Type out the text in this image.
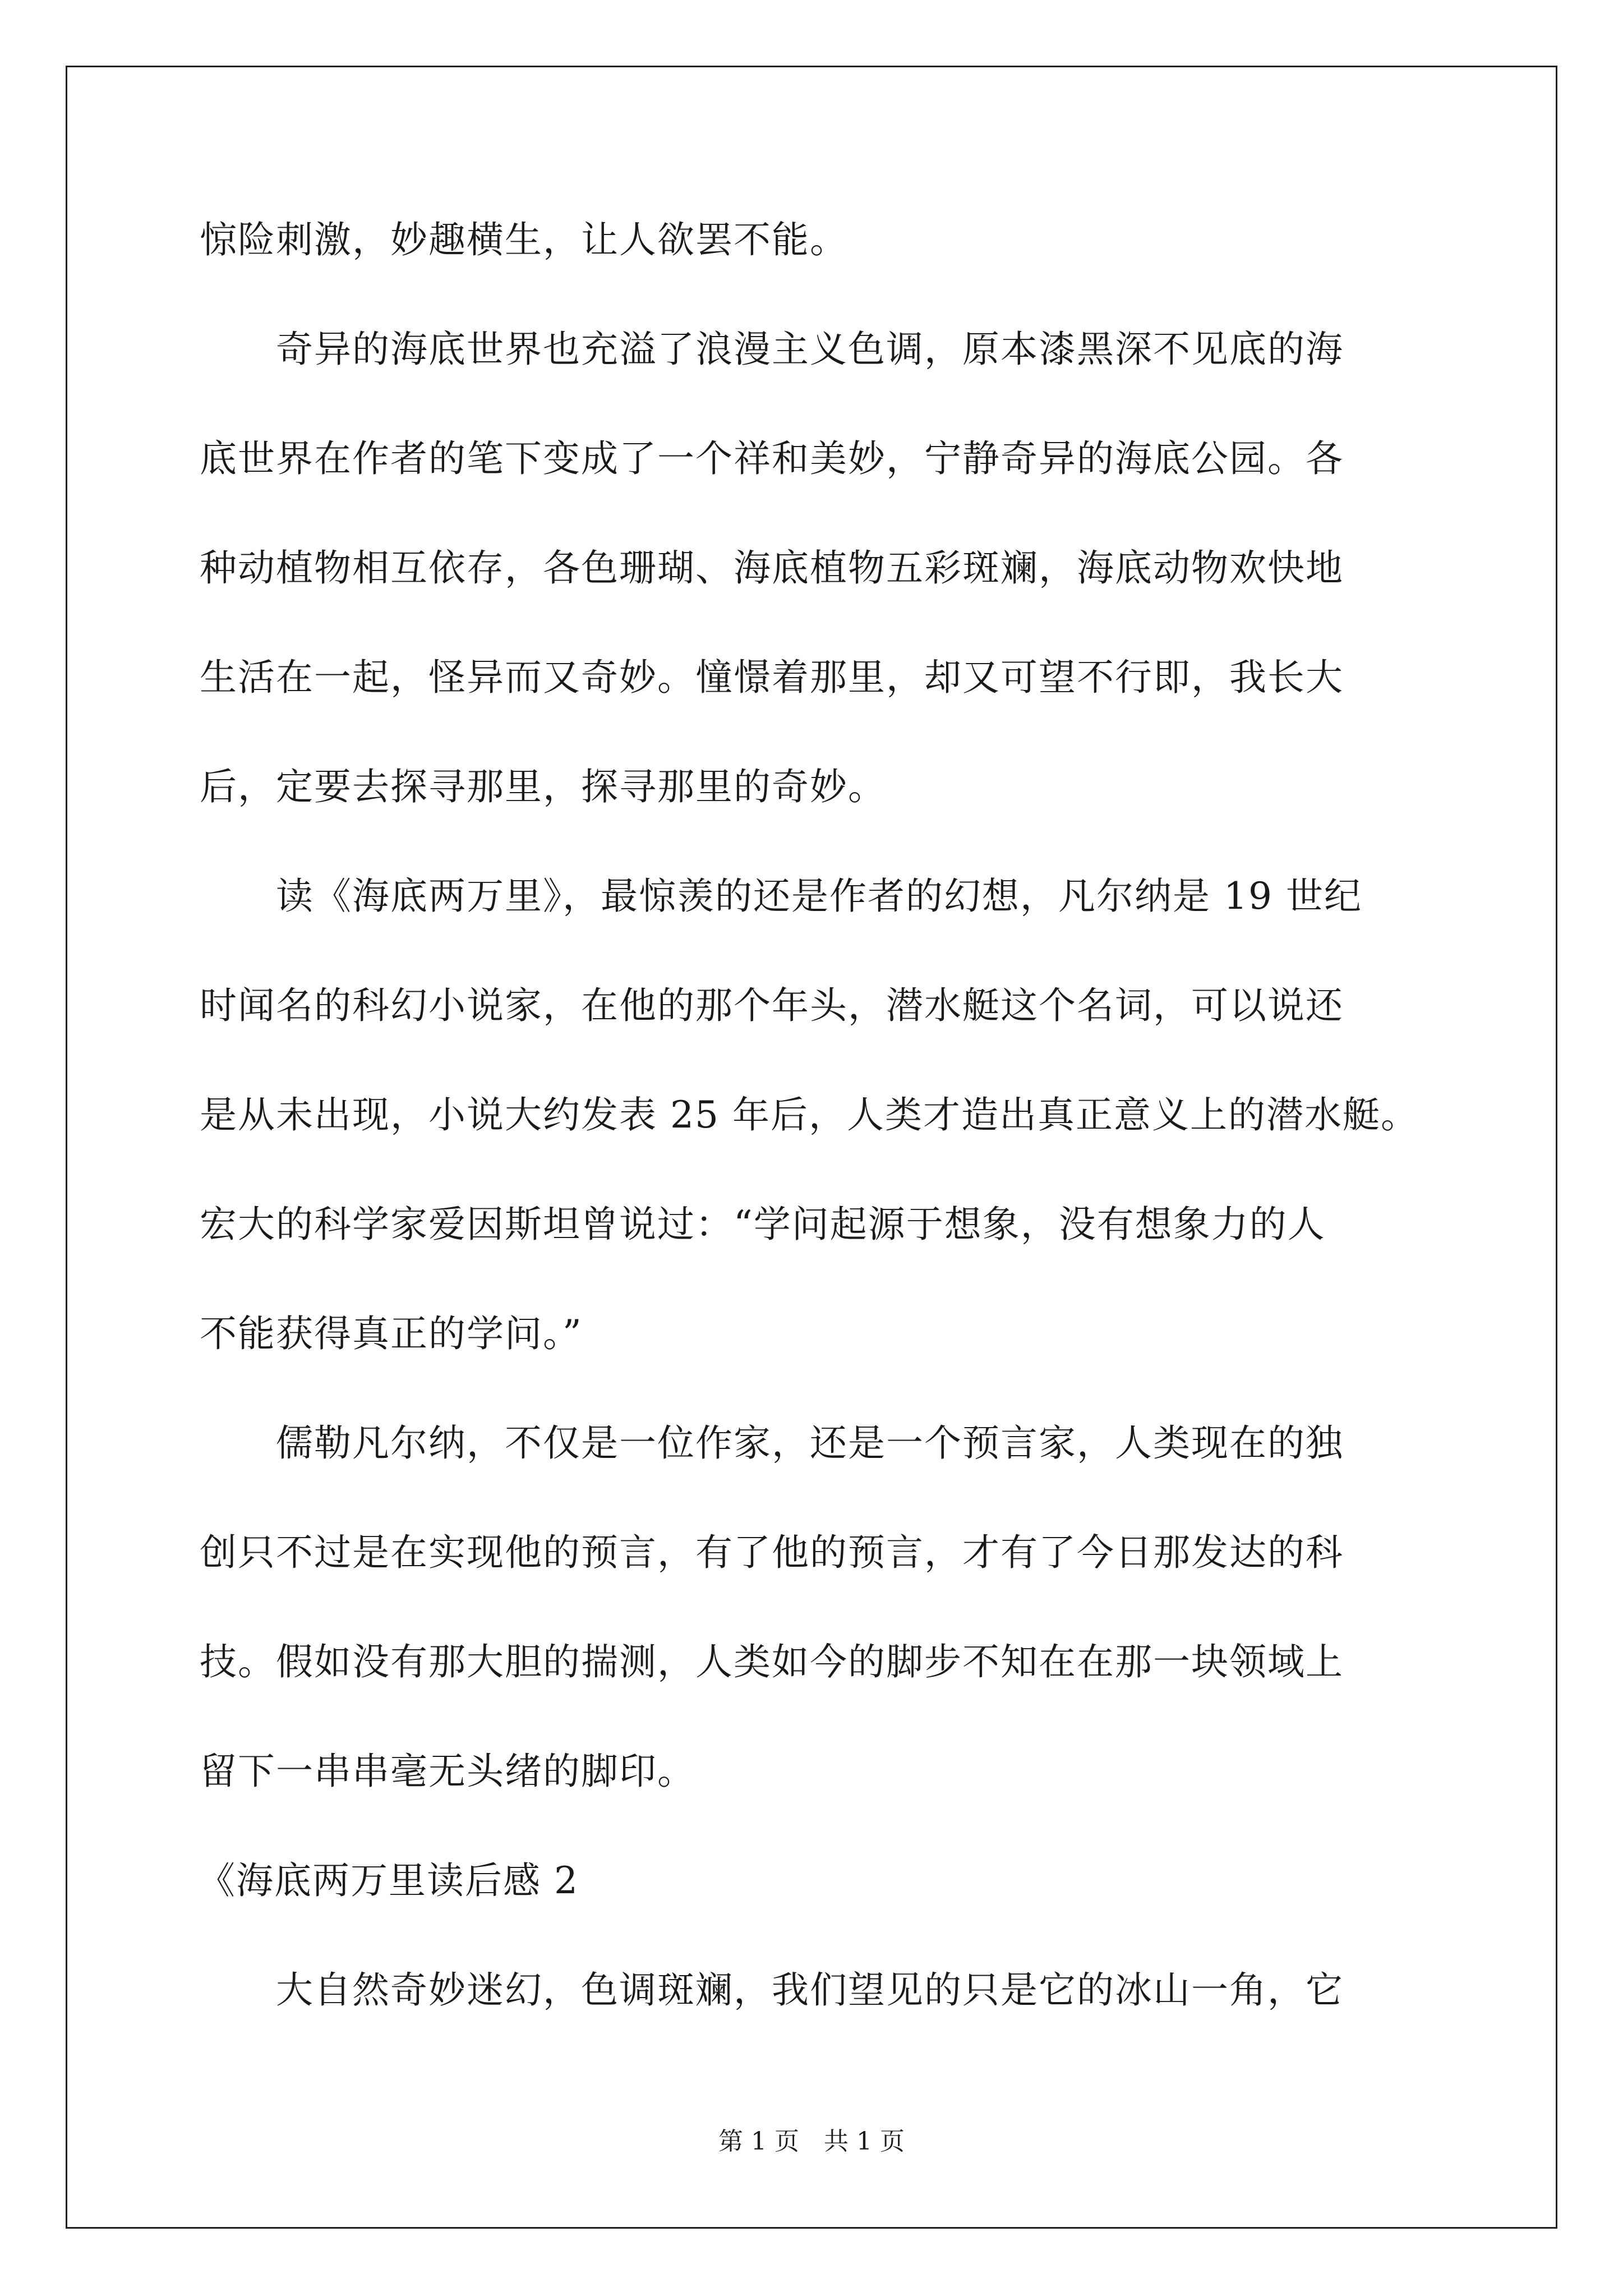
惊险刺激，妙趣横生，让人欲罢不能。
　　奇异的海底世界也充溢了浪漫主义色调，原本漆黑深不见底的海
底世界在作者的笔下变成了一个祥和美妙，宁静奇异的海底公园。各
种动植物相互依存，各色珊瑚、海底植物五彩斑斓，海底动物欢快地
生活在一起，怪异而又奇妙。憧憬着那里，却又可望不行即，我长大
后，定要去探寻那里，探寻那里的奇妙。
　　读《海底两万里》，最惊羡的还是作者的幻想，凡尔纳是 19 世纪
时闻名的科幻小说家，在他的那个年头，潜水艇这个名词，可以说还
是从未出现，小说大约发表 25 年后，人类才造出真正意义上的潜水艇。
宏大的科学家爱因斯坦曾说过：“学问起源于想象，没有想象力的人
不能获得真正的学问。”
　　儒勒凡尔纳，不仅是一位作家，还是一个预言家，人类现在的独
创只不过是在实现他的预言，有了他的预言，才有了今日那发达的科
技。假如没有那大胆的揣测，人类如今的脚步不知在在那一块领域上
留下一串串毫无头绪的脚印。
《海底两万里读后感 2
　　大自然奇妙迷幻，色调斑斓，我们望见的只是它的冰山一角，它
第 1 页　共 1 页
